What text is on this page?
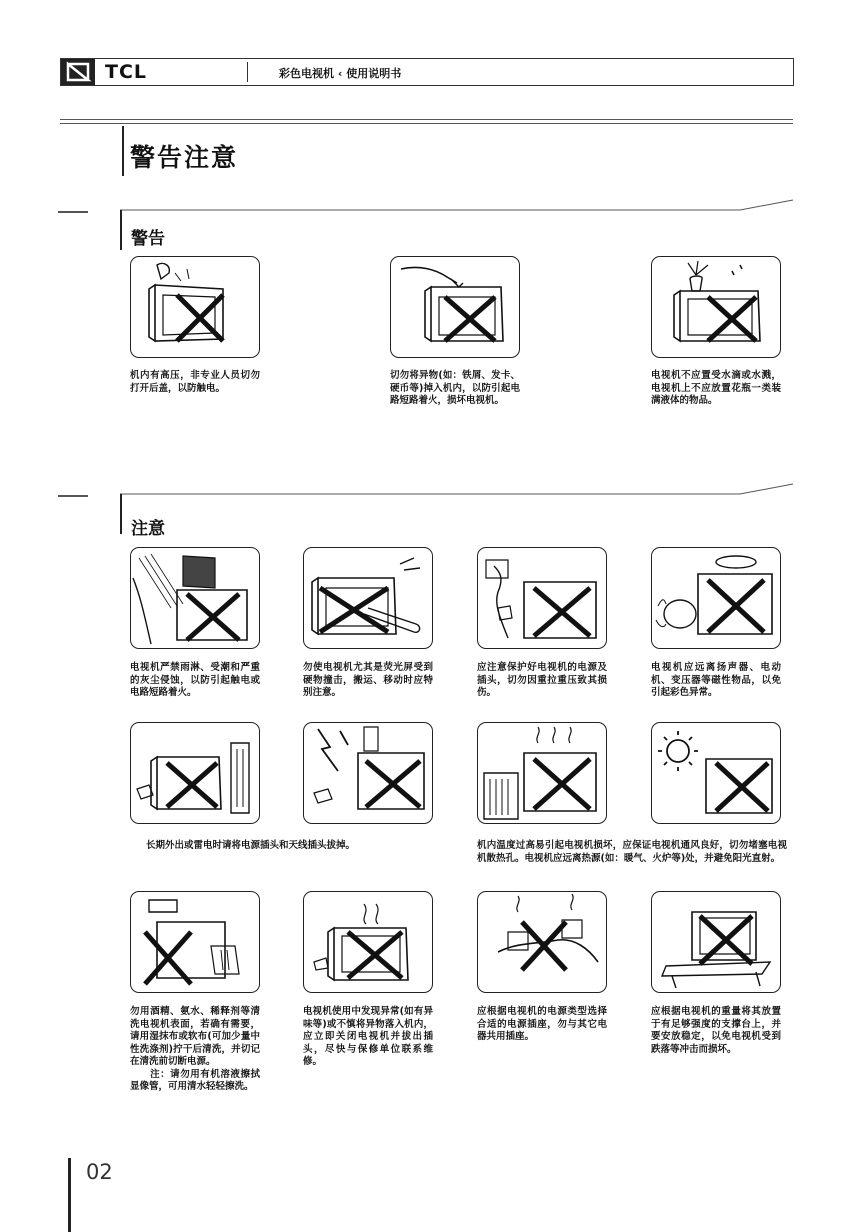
TCL	彩色电视机 ‹ 使用说明书
警告注意
警告
机内有高压，非专业人员切勿打开后盖，以防触电。
切勿将异物(如：铁屑、发卡、硬币等)掉入机内，以防引起电路短路着火，损坏电视机。
电视机不应置受水滴或水溅，电视机上不应放置花瓶一类装满液体的物品。
注意
电视机严禁雨淋、受潮和严重的灰尘侵蚀，以防引起触电或电路短路着火。
勿使电视机尤其是荧光屏受到硬物撞击，搬运、移动时应特别注意。
应注意保护好电视机的电源及插头，切勿因重拉重压致其损伤。
电视机应远离扬声器、电动机、变压器等磁性物品，以免引起彩色异常。
长期外出或雷电时请将电源插头和天线插头拔掉。	机内温度过高易引起电视机损坏，应保证电视机通风良好，切勿堵塞电视机散热孔。电视机应远离热源(如：暖气、火炉等)处，并避免阳光直射。
勿用酒精、氨水、稀释剂等清洗电视机表面，若确有需要，请用湿抹布或软布(可加少量中性洗涤剂)拧干后清洗，并切记在清洗前切断电源。
　　注：请勿用有机溶液擦拭显像管，可用清水轻轻擦洗。
电视机使用中发现异常(如有异味等)或不慎将异物落入机内，应立即关闭电视机并拔出插头，尽快与保修单位联系维修。
应根据电视机的电源类型选择合适的电源插座，勿与其它电器共用插座。
应根据电视机的重量将其放置于有足够强度的支撑台上，并要安放稳定，以免电视机受到跌落等冲击而损坏。
02
